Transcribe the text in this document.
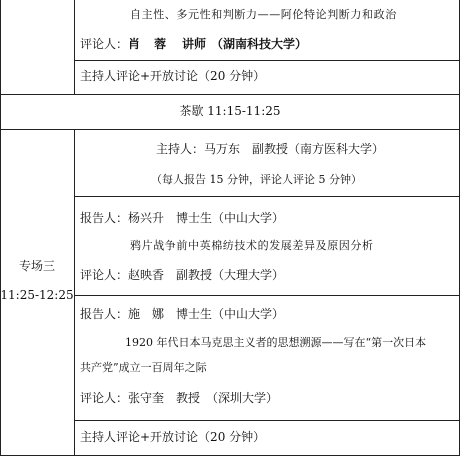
自主性、多元性和判断力——阿伦特论判断力和政治
评论人： 肖 蓉 讲师 （湖南科技大学）
主持人评论+开放讨论（20 分钟）
茶歇 11:15-11:25
专场三
11:25-12:25
主持人：马万东　副教授（南方医科大学）
（每人报告 15 分钟，评论人评论 5 分钟）
报告人：杨兴升　博士生（中山大学）
鸦片战争前中英棉纺技术的发展差异及原因分析
评论人：赵映香　副教授（大理大学）
报告人：施　娜　博士生（中山大学）
1920 年代日本马克思主义者的思想溯源——写在“第一次日本
共产党”成立一百周年之际
评论人：张守奎　教授　（深圳大学）
主持人评论+开放讨论（20 分钟）
